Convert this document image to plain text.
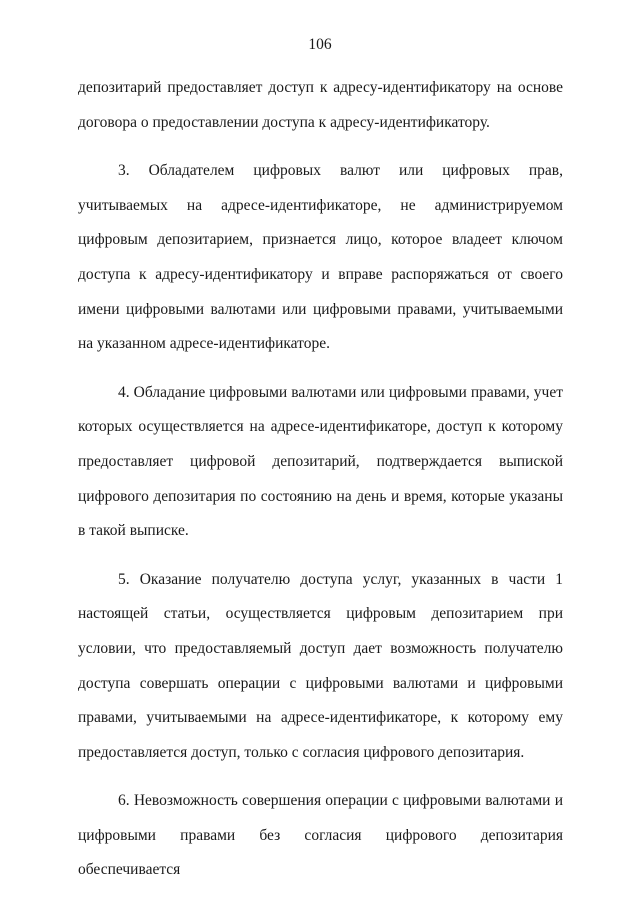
106

депозитарий предоставляет доступ к адресу-идентификатору на основе договора о предоставлении доступа к адресу-идентификатору.

3. Обладателем цифровых валют или цифровых прав, учитываемых на адресе-идентификаторе, не администрируемом цифровым депозитарием, признается лицо, которое владеет ключом доступа к адресу-идентификатору и вправе распоряжаться от своего имени цифровыми валютами или цифровыми правами, учитываемыми на указанном адресе-идентификаторе.

4. Обладание цифровыми валютами или цифровыми правами, учет которых осуществляется на адресе-идентификаторе, доступ к которому предоставляет цифровой депозитарий, подтверждается выпиской цифрового депозитария по состоянию на день и время, которые указаны в такой выписке.

5. Оказание получателю доступа услуг, указанных в части 1 настоящей статьи, осуществляется цифровым депозитарием при условии, что предоставляемый доступ дает возможность получателю доступа совершать операции с цифровыми валютами и цифровыми правами, учитываемыми на адресе-идентификаторе, к которому ему предоставляется доступ, только с согласия цифрового депозитария.

6. Невозможность совершения операции с цифровыми валютами и цифровыми правами без согласия цифрового депозитария обеспечивается
